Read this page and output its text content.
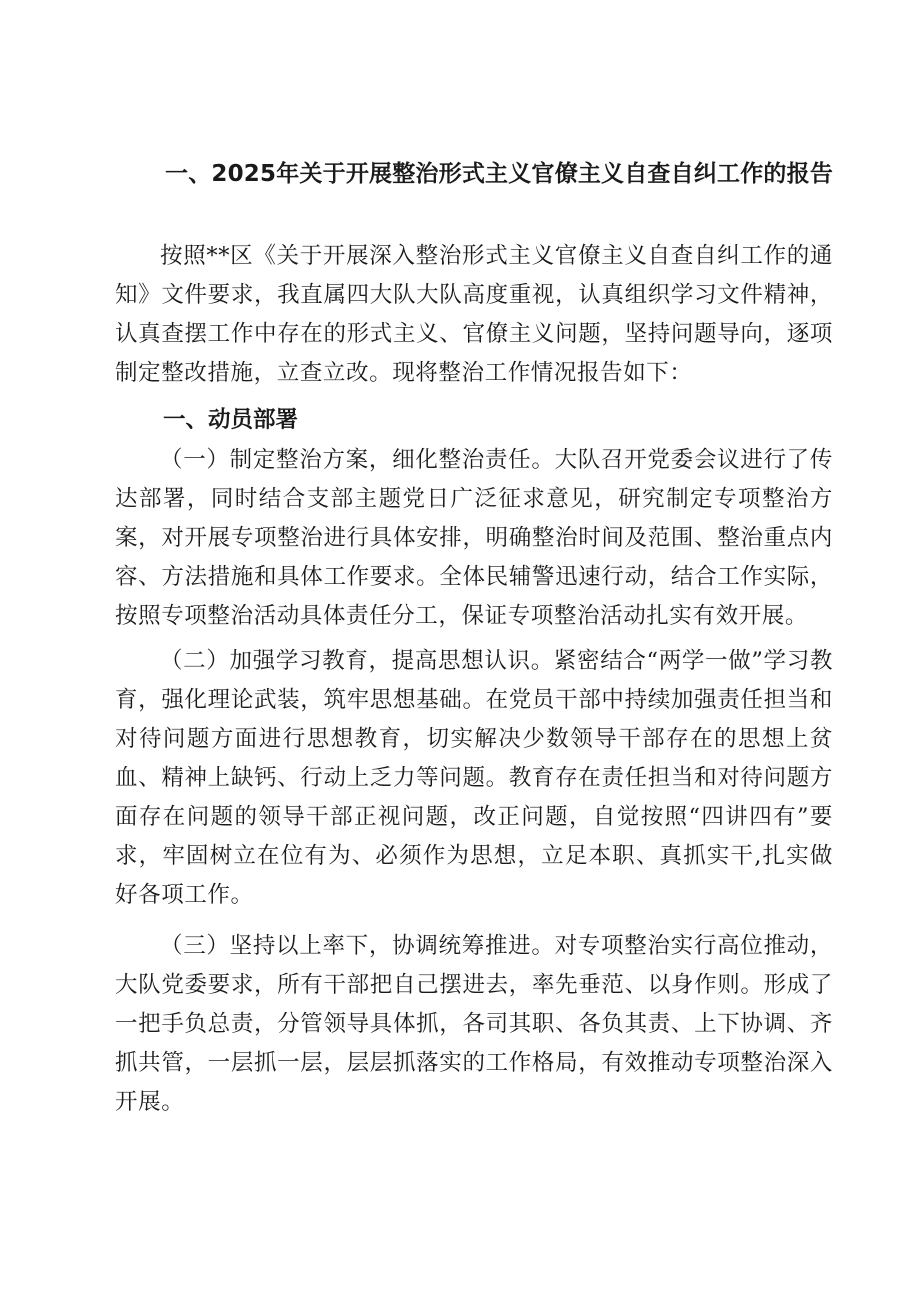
一、2025年关于开展整治形式主义官僚主义自查自纠工作的报告

按照**区《关于开展深入整治形式主义官僚主义自查自纠工作的通知》文件要求，我直属四大队大队高度重视，认真组织学习文件精神，认真查摆工作中存在的形式主义、官僚主义问题，坚持问题导向，逐项制定整改措施，立查立改。现将整治工作情况报告如下：

一、动员部署

（一）制定整治方案，细化整治责任。大队召开党委会议进行了传达部署，同时结合支部主题党日广泛征求意见，研究制定专项整治方案，对开展专项整治进行具体安排，明确整治时间及范围、整治重点内容、方法措施和具体工作要求。全体民辅警迅速行动，结合工作实际，按照专项整治活动具体责任分工，保证专项整治活动扎实有效开展。

（二）加强学习教育，提高思想认识。紧密结合“两学一做”学习教育，强化理论武装，筑牢思想基础。在党员干部中持续加强责任担当和对待问题方面进行思想教育，切实解决少数领导干部存在的思想上贫血、精神上缺钙、行动上乏力等问题。教育存在责任担当和对待问题方面存在问题的领导干部正视问题，改正问题，自觉按照“四讲四有”要求，牢固树立在位有为、必须作为思想，立足本职、真抓实干,扎实做好各项工作。

（三）坚持以上率下，协调统筹推进。对专项整治实行高位推动，大队党委要求，所有干部把自己摆进去，率先垂范、以身作则。形成了一把手负总责，分管领导具体抓，各司其职、各负其责、上下协调、齐抓共管，一层抓一层，层层抓落实的工作格局，有效推动专项整治深入开展。
